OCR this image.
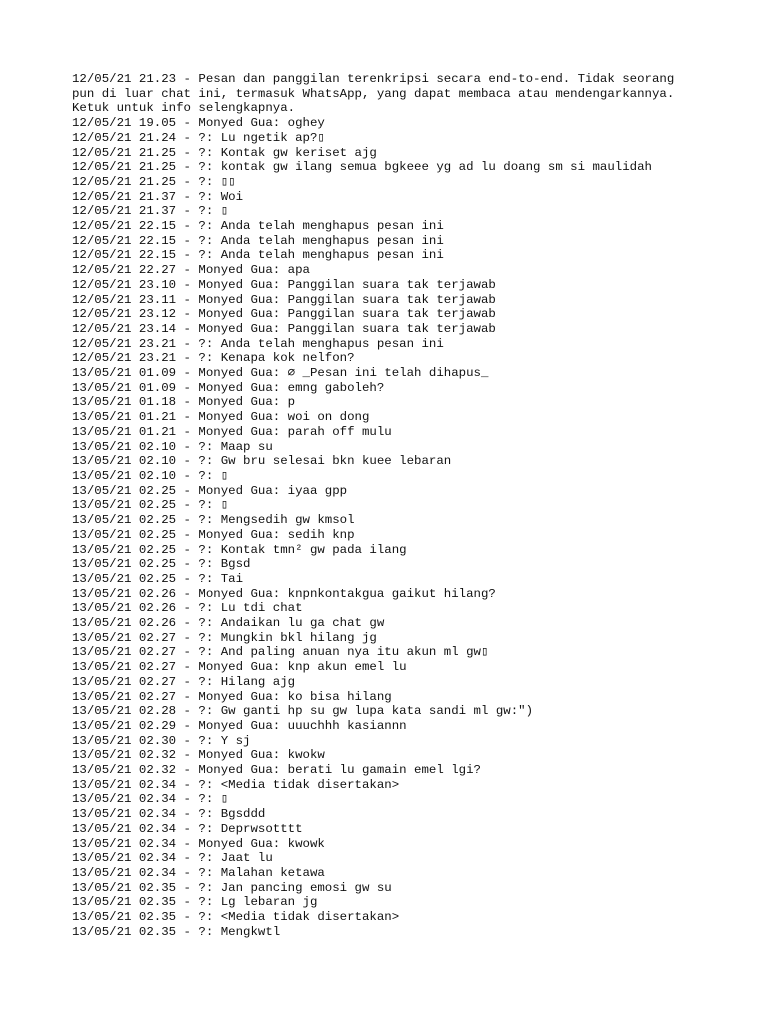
12/05/21 21.23 - Pesan dan panggilan terenkripsi secara end-to-end. Tidak seorang
pun di luar chat ini, termasuk WhatsApp, yang dapat membaca atau mendengarkannya.
Ketuk untuk info selengkapnya.
12/05/21 19.05 - Monyed Gua: oghey
12/05/21 21.24 - ?: Lu ngetik ap?▯
12/05/21 21.25 - ?: Kontak gw keriset ajg
12/05/21 21.25 - ?: kontak gw ilang semua bgkeee yg ad lu doang sm si maulidah
12/05/21 21.25 - ?: ▯▯
12/05/21 21.37 - ?: Woi
12/05/21 21.37 - ?: ▯
12/05/21 22.15 - ?: Anda telah menghapus pesan ini
12/05/21 22.15 - ?: Anda telah menghapus pesan ini
12/05/21 22.15 - ?: Anda telah menghapus pesan ini
12/05/21 22.27 - Monyed Gua: apa
12/05/21 23.10 - Monyed Gua: Panggilan suara tak terjawab
12/05/21 23.11 - Monyed Gua: Panggilan suara tak terjawab
12/05/21 23.12 - Monyed Gua: Panggilan suara tak terjawab
12/05/21 23.14 - Monyed Gua: Panggilan suara tak terjawab
12/05/21 23.21 - ?: Anda telah menghapus pesan ini
12/05/21 23.21 - ?: Kenapa kok nelfon?
13/05/21 01.09 - Monyed Gua: ∅ _Pesan ini telah dihapus_
13/05/21 01.09 - Monyed Gua: emng gaboleh?
13/05/21 01.18 - Monyed Gua: p
13/05/21 01.21 - Monyed Gua: woi on dong
13/05/21 01.21 - Monyed Gua: parah off mulu
13/05/21 02.10 - ?: Maap su
13/05/21 02.10 - ?: Gw bru selesai bkn kuee lebaran
13/05/21 02.10 - ?: ▯
13/05/21 02.25 - Monyed Gua: iyaa gpp
13/05/21 02.25 - ?: ▯
13/05/21 02.25 - ?: Mengsedih gw kmsol
13/05/21 02.25 - Monyed Gua: sedih knp
13/05/21 02.25 - ?: Kontak tmn² gw pada ilang
13/05/21 02.25 - ?: Bgsd
13/05/21 02.25 - ?: Tai
13/05/21 02.26 - Monyed Gua: knpnkontakgua gaikut hilang?
13/05/21 02.26 - ?: Lu tdi chat
13/05/21 02.26 - ?: Andaikan lu ga chat gw
13/05/21 02.27 - ?: Mungkin bkl hilang jg
13/05/21 02.27 - ?: And paling anuan nya itu akun ml gw▯
13/05/21 02.27 - Monyed Gua: knp akun emel lu
13/05/21 02.27 - ?: Hilang ajg
13/05/21 02.27 - Monyed Gua: ko bisa hilang
13/05/21 02.28 - ?: Gw ganti hp su gw lupa kata sandi ml gw:")
13/05/21 02.29 - Monyed Gua: uuuchhh kasiannn
13/05/21 02.30 - ?: Y sj
13/05/21 02.32 - Monyed Gua: kwokw
13/05/21 02.32 - Monyed Gua: berati lu gamain emel lgi?
13/05/21 02.34 - ?: <Media tidak disertakan>
13/05/21 02.34 - ?: ▯
13/05/21 02.34 - ?: Bgsddd
13/05/21 02.34 - ?: Deprwsotttt
13/05/21 02.34 - Monyed Gua: kwowk
13/05/21 02.34 - ?: Jaat lu
13/05/21 02.34 - ?: Malahan ketawa
13/05/21 02.35 - ?: Jan pancing emosi gw su
13/05/21 02.35 - ?: Lg lebaran jg
13/05/21 02.35 - ?: <Media tidak disertakan>
13/05/21 02.35 - ?: Mengkwtl
